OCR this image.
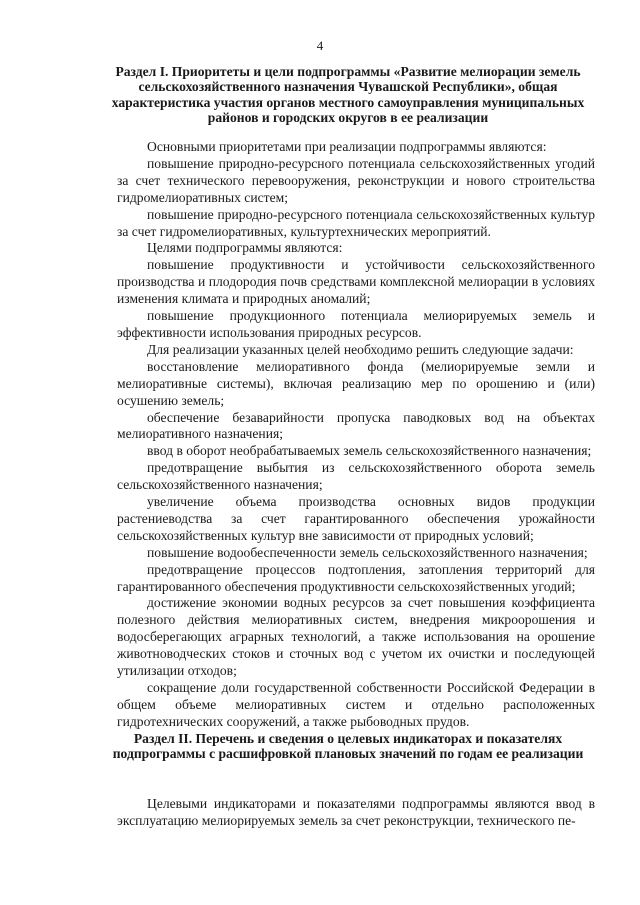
4
Раздел I. Приоритеты и цели подпрограммы «Развитие мелиорации земель сельскохозяйственного назначения Чувашской Республики», общая характеристика участия органов местного самоуправления муниципальных районов и городских округов в ее реализации

Основными приоритетами при реализации подпрограммы являются:

повышение природно-ресурсного потенциала сельскохозяйственных угодий за счет технического перевооружения, реконструкции и нового строительства гидромелиоративных систем;

повышение природно-ресурсного потенциала сельскохозяйственных культур за счет гидромелиоративных, культуртехнических мероприятий.

Целями подпрограммы являются:

повышение продуктивности и устойчивости сельскохозяйственного производства и плодородия почв средствами комплексной мелиорации в условиях изменения климата и природных аномалий;

повышение продукционного потенциала мелиорируемых земель и эффективности использования природных ресурсов.

Для реализации указанных целей необходимо решить следующие задачи:

восстановление мелиоративного фонда (мелиорируемые земли и мелиоративные системы), включая реализацию мер по орошению и (или) осушению земель;

обеспечение безаварийности пропуска паводковых вод на объектах мелиоративного назначения;

ввод в оборот необрабатываемых земель сельскохозяйственного назначения;

предотвращение выбытия из сельскохозяйственного оборота земель сельскохозяйственного назначения;

увеличение объема производства основных видов продукции растениеводства за счет гарантированного обеспечения урожайности сельскохозяйственных культур вне зависимости от природных условий;

повышение водообеспеченности земель сельскохозяйственного назначения;

предотвращение процессов подтопления, затопления территорий для гарантированного обеспечения продуктивности сельскохозяйственных угодий;

достижение экономии водных ресурсов за счет повышения коэффициента полезного действия мелиоративных систем, внедрения микроорошения и водосберегающих аграрных технологий, а также использования на орошение животноводческих стоков и сточных вод с учетом их очистки и последующей утилизации отходов;

сокращение доли государственной собственности Российской Федерации в общем объеме мелиоративных систем и отдельно расположенных гидротехнических сооружений, а также рыбоводных прудов.

Раздел II. Перечень и сведения о целевых индикаторах и показателях подпрограммы с расшифровкой плановых значений по годам ее реализации

Целевыми индикаторами и показателями подпрограммы являются ввод в эксплуатацию мелиорируемых земель за счет реконструкции, технического пе-
